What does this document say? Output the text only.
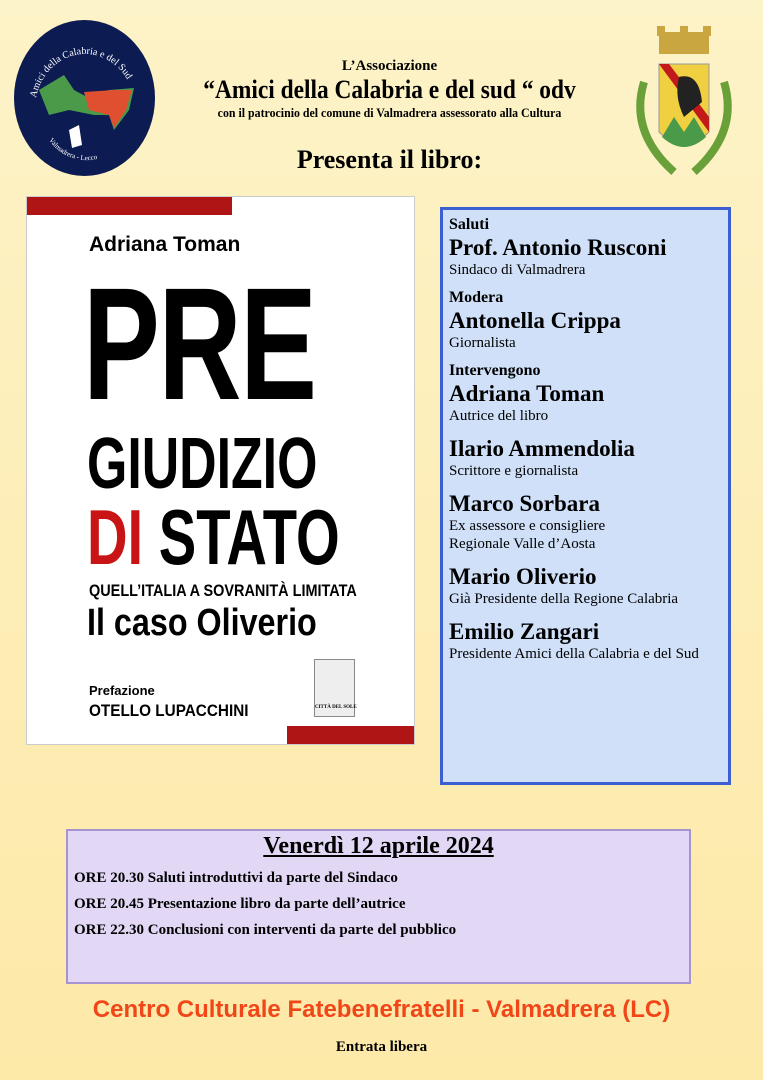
Amici della Calabria e del Sud
Valmadrera - Lecco
L’Associazione
“Amici della Calabria e del sud “ odv
con il patrocinio del comune di Valmadrera assessorato alla Cultura
Presenta il libro:
Adriana Toman
PRE
GIUDIZIO
DI STATO
QUELL’ITALIA A SOVRANITÀ LIMITATA
Il caso Oliverio
Prefazione
OTELLO LUPACCHINI	CITTÀ DEL SOLE
Saluti
Prof. Antonio Rusconi
Sindaco di Valmadrera
Modera
Antonella Crippa
Giornalista
Intervengono
Adriana Toman
Autrice del libro
Ilario Ammendolia
Scrittore e giornalista
Marco Sorbara
Ex assessore e consigliere
Regionale Valle d’Aosta
Mario Oliverio
Già Presidente della Regione Calabria
Emilio Zangari
Presidente Amici della Calabria e del Sud
Venerdì 12 aprile 2024
ORE 20.30 Saluti introduttivi da parte del Sindaco
ORE 20.45 Presentazione libro da parte dell’autrice
ORE 22.30 Conclusioni con interventi da parte del pubblico
Centro Culturale Fatebenefratelli - Valmadrera (LC)
Entrata libera
